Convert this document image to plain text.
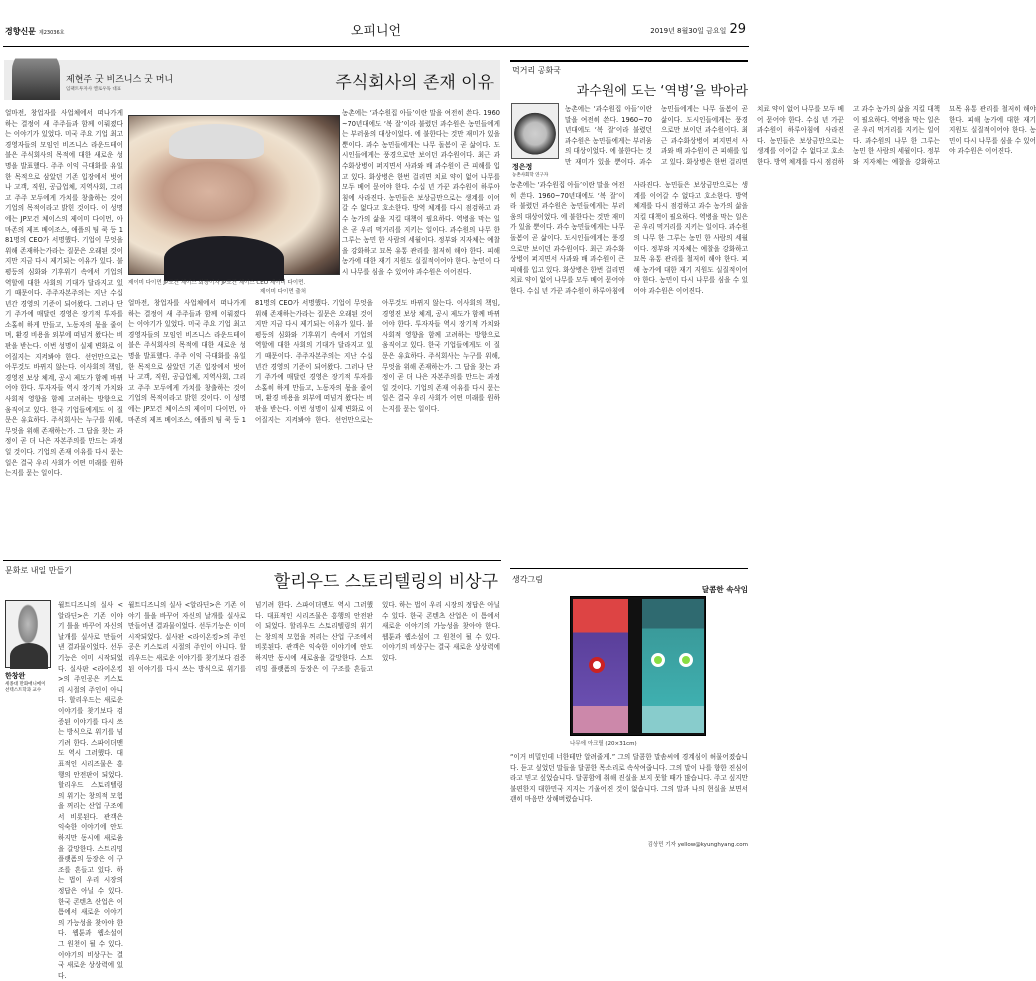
경향신문 제23036호	오피니언	2019년 8월30일 금요일 29
제현주 굿 비즈니스 굿 머니
임팩트투자사 옐로우독 대표	주식회사의 존재 이유
제이미 다이먼 JP모건 체이스 회장이자 JP모건 체이스 CEO 제이미 다이먼.
제이미 다이먼 출처
얼마전, 창업자를 사업체에서 떠나가게 하는 결정이 새 주주들과 함께 이뤄졌다는 이야기가 있었다. 미국 주요 기업 최고경영자들의 모임인 비즈니스 라운드테이블은 주식회사의 목적에 대한 새로운 성명을 발표했다. 주주 이익 극대화를 유일한 목적으로 삼았던 기존 입장에서 벗어나 고객, 직원, 공급업체, 지역사회, 그리고 주주 모두에게 가치를 창출하는 것이 기업의 목적이라고 밝힌 것이다. 이 성명에는 JP모건 체이스의 제이미 다이먼, 아마존의 제프 베이조스, 애플의 팀 쿡 등 181명의 CEO가 서명했다. 기업이 무엇을 위해 존재하는가라는 질문은 오래된 것이지만 지금 다시 제기되는 이유가 있다. 불평등의 심화와 기후위기 속에서 기업의 역할에 대한 사회의 기대가 달라지고 있기 때문이다. 주주자본주의는 지난 수십 년간 경영의 기준이 되어왔다. 그러나 단기 주가에 매달린 경영은 장기적 투자를 소홀히 하게 만들고, 노동자의 몫을 줄이며, 환경 비용을 외부에 떠넘겨 왔다는 비판을 받는다. 이번 성명이 실제 변화로 이어질지는 지켜봐야 한다. 선언만으로는 아무것도 바뀌지 않는다. 이사회의 책임, 경영진 보상 체계, 공시 제도가 함께 바뀌어야 한다. 투자자들 역시 장기적 가치와 사회적 영향을 함께 고려하는 방향으로 움직이고 있다. 한국 기업들에게도 이 질문은 유효하다. 주식회사는 누구를 위해, 무엇을 위해 존재하는가. 그 답을 찾는 과정이 곧 더 나은 자본주의를 만드는 과정일 것이다. 기업의 존재 이유를 다시 묻는 일은 결국 우리 사회가 어떤 미래를 원하는지를 묻는 일이다.
얼마전, 창업자를 사업체에서 떠나가게 하는 결정이 새 주주들과 함께 이뤄졌다는 이야기가 있었다. 미국 주요 기업 최고경영자들의 모임인 비즈니스 라운드테이블은 주식회사의 목적에 대한 새로운 성명을 발표했다. 주주 이익 극대화를 유일한 목적으로 삼았던 기존 입장에서 벗어나 고객, 직원, 공급업체, 지역사회, 그리고 주주 모두에게 가치를 창출하는 것이 기업의 목적이라고 밝힌 것이다. 이 성명에는 JP모건 체이스의 제이미 다이먼, 아마존의 제프 베이조스, 애플의 팀 쿡 등 181명의 CEO가 서명했다. 기업이 무엇을 위해 존재하는가라는 질문은 오래된 것이지만 지금 다시 제기되는 이유가 있다. 불평등의 심화와 기후위기 속에서 기업의 역할에 대한 사회의 기대가 달라지고 있기 때문이다. 주주자본주의는 지난 수십 년간 경영의 기준이 되어왔다. 그러나 단기 주가에 매달린 경영은 장기적 투자를 소홀히 하게 만들고, 노동자의 몫을 줄이며, 환경 비용을 외부에 떠넘겨 왔다는 비판을 받는다. 이번 성명이 실제 변화로 이어질지는 지켜봐야 한다. 선언만으로는 아무것도 바뀌지 않는다. 이사회의 책임, 경영진 보상 체계, 공시 제도가 함께 바뀌어야 한다. 투자자들 역시 장기적 가치와 사회적 영향을 함께 고려하는 방향으로 움직이고 있다. 한국 기업들에게도 이 질문은 유효하다. 주식회사는 누구를 위해, 무엇을 위해 존재하는가. 그 답을 찾는 과정이 곧 더 나은 자본주의를 만드는 과정일 것이다. 기업의 존재 이유를 다시 묻는 일은 결국 우리 사회가 어떤 미래를 원하는지를 묻는 일이다.
농촌에는 ‘과수원집 아들’이란 말을 여전히 쓴다. 1960~70년대에도 ‘복 잘’이라 불렸던 과수원은 농민들에게는 부러움의 대상이었다. 에 불한다는 것만 재미가 있을 뿐이다. 과수 농민들에게는 나무 돌봄이 곧 삶이다. 도시인들에게는 풍경으로만 보이던 과수원이다. 최근 과수화상병이 퍼지면서 사과와 배 과수원이 큰 피해를 입고 있다. 화상병은 한번 걸리면 치료 약이 없어 나무를 모두 베어 묻어야 한다. 수십 년 가꾼 과수원이 하루아침에 사라진다. 농민들은 보상금만으로는 생계를 이어갈 수 없다고 호소한다. 방역 체계를 다시 점검하고 과수 농가의 삶을 지킬 대책이 필요하다. 역병을 막는 일은 곧 우리 먹거리를 지키는 일이다. 과수원의 나무 한 그루는 농민 한 사람의 세월이다. 정부와 지자체는 예찰을 강화하고 묘목 유통 관리를 철저히 해야 한다. 피해 농가에 대한 재기 지원도 실질적이어야 한다. 농민이 다시 나무를 심을 수 있어야 과수원은 이어진다.
먹거리 공화국
과수원에 도는 ‘역병’을 박아라
정은정
농촌사회학 연구자
농촌에는 ‘과수원집 아들’이란 말을 여전히 쓴다. 1960~70년대에도 ‘복 잘’이라 불렸던 과수원은 농민들에게는 부러움의 대상이었다. 에 불한다는 것만 재미가 있을 뿐이다. 과수 농민들에게는 나무 돌봄이 곧 삶이다. 도시인들에게는 풍경으로만 보이던 과수원이다. 최근 과수화상병이 퍼지면서 사과와 배 과수원이 큰 피해를 입고 있다. 화상병은 한번 걸리면 치료 약이 없어 나무를 모두 베어 묻어야 한다. 수십 년 가꾼 과수원이 하루아침에 사라진다. 농민들은 보상금만으로는 생계를 이어갈 수 없다고 호소한다. 방역 체계를 다시 점검하고 과수 농가의 삶을 지킬 대책이 필요하다. 역병을 막는 일은 곧 우리 먹거리를 지키는 일이다. 과수원의 나무 한 그루는 농민 한 사람의 세월이다. 정부와 지자체는 예찰을 강화하고 묘목 유통 관리를 철저히 해야 한다. 피해 농가에 대한 재기 지원도 실질적이어야 한다. 농민이 다시 나무를 심을 수 있어야 과수원은 이어진다.
농촌에는 ‘과수원집 아들’이란 말을 여전히 쓴다. 1960~70년대에도 ‘복 잘’이라 불렸던 과수원은 농민들에게는 부러움의 대상이었다. 에 불한다는 것만 재미가 있을 뿐이다. 과수 농민들에게는 나무 돌봄이 곧 삶이다. 도시인들에게는 풍경으로만 보이던 과수원이다. 최근 과수화상병이 퍼지면서 사과와 배 과수원이 큰 피해를 입고 있다. 화상병은 한번 걸리면 치료 약이 없어 나무를 모두 베어 묻어야 한다. 수십 년 가꾼 과수원이 하루아침에 사라진다. 농민들은 보상금만으로는 생계를 이어갈 수 없다고 호소한다. 방역 체계를 다시 점검하고 과수 농가의 삶을 지킬 대책이 필요하다. 역병을 막는 일은 곧 우리 먹거리를 지키는 일이다. 과수원의 나무 한 그루는 농민 한 사람의 세월이다. 정부와 지자체는 예찰을 강화하고 묘목 유통 관리를 철저히 해야 한다. 피해 농가에 대한 재기 지원도 실질적이어야 한다. 농민이 다시 나무를 심을 수 있어야 과수원은 이어진다.
문화로 내일 만들기
할리우드 스토리텔링의 비상구
한창완
세종대 만화애니메이션텍스트학과 교수
월트디즈니의 실사 <알라딘>은 기존 이야기 틀을 바꾸어 자신의 날개를 실사로 만들어낸 결과물이었다. 선두기능은 이미 시작되었다. 실사판 <라이온킹>의 주인공은 키스토리 시절의 주인이 아니다. 할리우드는 새로운 이야기를 찾기보다 검증된 이야기를 다시 쓰는 방식으로 위기를 넘기려 한다. 스파이더맨도 역시 그러했다. 대표적인 시리즈물은 흥행의 안전판이 되었다. 할리우드 스토리텔링의 위기는 창의적 모험을 꺼리는 산업 구조에서 비롯된다. 관객은 익숙한 이야기에 안도하지만 동시에 새로움을 갈망한다. 스트리밍 플랫폼의 등장은 이 구조를 흔들고 있다. 하는 법이 우리 시장의 정답은 아닐 수 있다. 한국 콘텐츠 산업은 이 틈에서 새로운 이야기의 가능성을 찾아야 한다. 웹툰과 웹소설이 그 원천이 될 수 있다. 이야기의 비상구는 결국 새로운 상상력에 있다.
월트디즈니의 실사 <알라딘>은 기존 이야기 틀을 바꾸어 자신의 날개를 실사로 만들어낸 결과물이었다. 선두기능은 이미 시작되었다. 실사판 <라이온킹>의 주인공은 키스토리 시절의 주인이 아니다. 할리우드는 새로운 이야기를 찾기보다 검증된 이야기를 다시 쓰는 방식으로 위기를 넘기려 한다. 스파이더맨도 역시 그러했다. 대표적인 시리즈물은 흥행의 안전판이 되었다. 할리우드 스토리텔링의 위기는 창의적 모험을 꺼리는 산업 구조에서 비롯된다. 관객은 익숙한 이야기에 안도하지만 동시에 새로움을 갈망한다. 스트리밍 플랫폼의 등장은 이 구조를 흔들고 있다. 하는 법이 우리 시장의 정답은 아닐 수 있다. 한국 콘텐츠 산업은 이 틈에서 새로운 이야기의 가능성을 찾아야 한다. 웹툰과 웹소설이 그 원천이 될 수 있다. 이야기의 비상구는 결국 새로운 상상력에 있다.
생각그림
달콤한 속삭임
나무에 아크릴 (20×31cm)
“이거 비밀인데 너한테만 알려줄게.” 그의 달콤한 말솜씨에 경계심이 허물어졌습니다. 듣고 싶었던 말들을 달콤한 목소리로 속삭여줍니다. 그의 말이 나를 향한 진심이라고 믿고 싶었습니다. 달콤함에 취해 진실을 보지 못할 때가 많습니다. 주고 싶지만 불편한지 대한민국 지지는 기울어진 것이 없습니다. 그의 말과 나의 현실을 보면서 괜히 마음만 상해버렸습니다.
김상민 기자 yellow@kyunghyang.com
